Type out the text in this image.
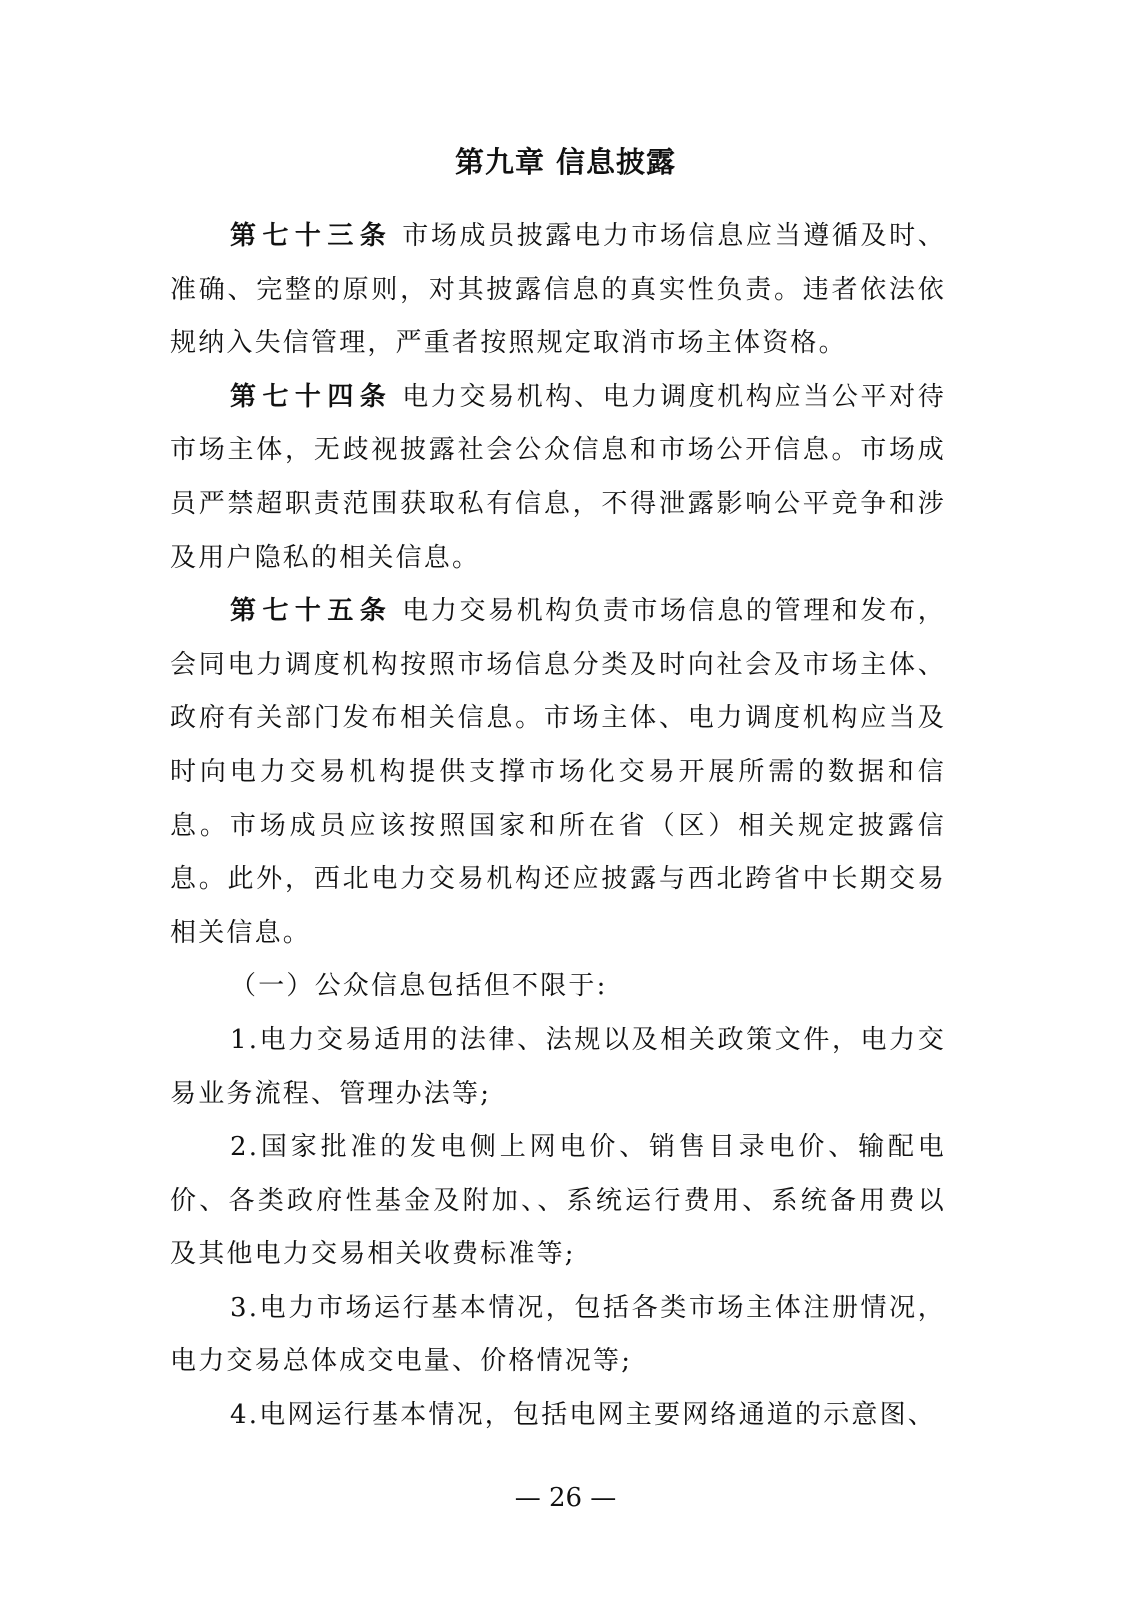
第九章 信息披露

第七十三条 市场成员披露电力市场信息应当遵循及时、准确、完整的原则，对其披露信息的真实性负责。违者依法依规纳入失信管理，严重者按照规定取消市场主体资格。

第七十四条 电力交易机构、电力调度机构应当公平对待市场主体，无歧视披露社会公众信息和市场公开信息。市场成员严禁超职责范围获取私有信息，不得泄露影响公平竞争和涉及用户隐私的相关信息。

第七十五条 电力交易机构负责市场信息的管理和发布，会同电力调度机构按照市场信息分类及时向社会及市场主体、政府有关部门发布相关信息。市场主体、电力调度机构应当及时向电力交易机构提供支撑市场化交易开展所需的数据和信息。市场成员应该按照国家和所在省（区）相关规定披露信息。此外，西北电力交易机构还应披露与西北跨省中长期交易相关信息。

（一）公众信息包括但不限于:

1.电力交易适用的法律、法规以及相关政策文件，电力交易业务流程、管理办法等;

2.国家批准的发电侧上网电价、销售目录电价、输配电价、各类政府性基金及附加、、系统运行费用、系统备用费以及其他电力交易相关收费标准等;

3.电力市场运行基本情况，包括各类市场主体注册情况，电力交易总体成交电量、价格情况等;

4.电网运行基本情况，包括电网主要网络通道的示意图、

— 26 —
